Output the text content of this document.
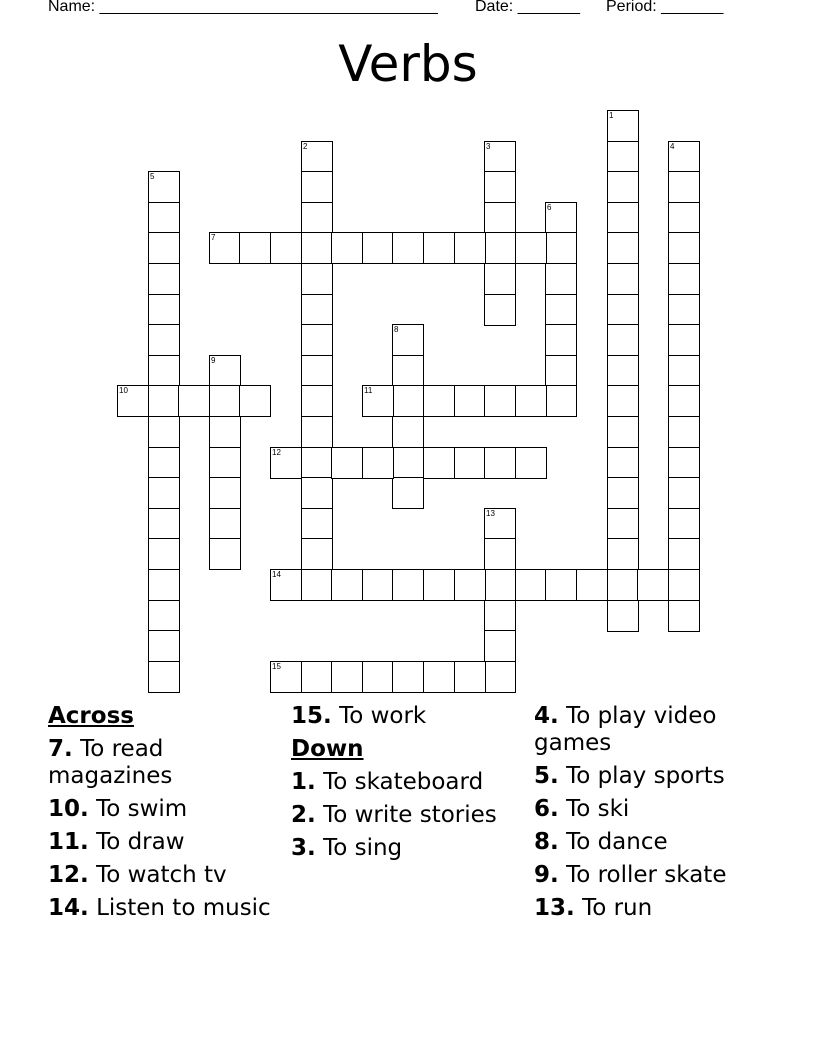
Name: ______________________________________ Date: _______ Period: _______
Verbs
1
2	3	4
5
6
7
8
9
10	11
12
13
14
15
Across
7. To read magazines
10. To swim
11. To draw
12. To watch tv
14. Listen to music
15. To work
Down
1. To skateboard
2. To write stories
3. To sing
4. To play video games
5. To play sports
6. To ski
8. To dance
9. To roller skate
13. To run
